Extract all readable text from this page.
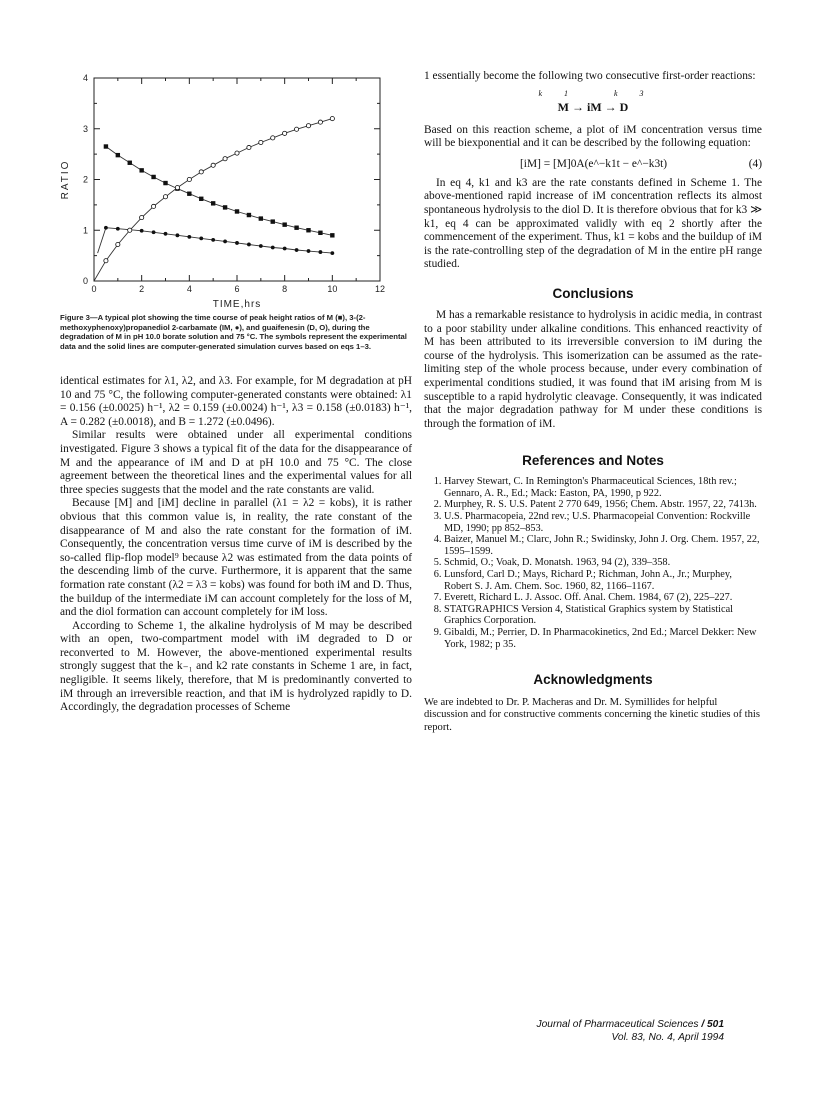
0	2	4	6	8	10	12
0
1
2
3
4
TIME,hrs
RATIO
Figure 3—A typical plot showing the time course of peak height ratios of M (■), 3-(2-methoxyphenoxy)propanediol 2-carbamate (IM, ●), and guaifenesin (D, O), during the degradation of M in pH 10.0 borate solution and 75 °C. The symbols represent the experimental data and the solid lines are computer-generated simulation curves based on eqs 1–3.

identical estimates for λ1, λ2, and λ3. For example, for M degradation at pH 10 and 75 °C, the following computer-generated constants were obtained: λ1 = 0.156 (±0.0025) h⁻¹, λ2 = 0.159 (±0.0024) h⁻¹, λ3 = 0.158 (±0.0183) h⁻¹, A = 0.282 (±0.0018), and B = 1.272 (±0.0496).

Similar results were obtained under all experimental conditions investigated. Figure 3 shows a typical fit of the data for the disappearance of M and the appearance of iM and D at pH 10.0 and 75 °C. The close agreement between the theoretical lines and the experimental values for all three species suggests that the model and the rate constants are valid.

Because [M] and [iM] decline in parallel (λ1 = λ2 = kobs), it is rather obvious that this common value is, in reality, the rate constant of the disappearance of M and also the rate constant for the formation of iM. Consequently, the concentration versus time curve of iM is described by the so-called flip-flop model⁹ because λ2 was estimated from the data points of the descending limb of the curve. Furthermore, it is apparent that the same formation rate constant (λ2 = λ3 = kobs) was found for both iM and D. Thus, the buildup of the intermediate iM can account completely for the loss of M, and the diol formation can account completely for iM loss.

According to Scheme 1, the alkaline hydrolysis of M may be described with an open, two-compartment model with iM degraded to D or reconverted to M. However, the above-mentioned experimental results strongly suggest that the k₋₁ and k2 rate constants in Scheme 1 are, in fact, negligible. It seems likely, therefore, that M is predominantly converted to iM through an irreversible reaction, and that iM is hydrolyzed rapidly to D. Accordingly, the degradation processes of Scheme

1 essentially become the following two consecutive first-order reactions:

k1 k3
M → iM → D

Based on this reaction scheme, a plot of iM concentration versus time will be biexponential and it can be described by the following equation:

[iM] = [M]0A(e^−k1t − e^−k3t)	(4)

In eq 4, k1 and k3 are the rate constants defined in Scheme 1. The above-mentioned rapid increase of iM concentration reflects its almost spontaneous hydrolysis to the diol D. It is therefore obvious that for k3 ≫ k1, eq 4 can be approximated validly with eq 2 shortly after the commencement of the experiment. Thus, k1 = kobs and the buildup of iM is the rate-controlling step of the degradation of M in the entire pH range studied.

Conclusions

M has a remarkable resistance to hydrolysis in acidic media, in contrast to a poor stability under alkaline conditions. This enhanced reactivity of M has been attributed to its irreversible conversion to iM during the course of the hydrolysis. This isomerization can be assumed as the rate-limiting step of the whole process because, under every combination of experimental conditions studied, it was found that iM arising from M is susceptible to a rapid hydrolytic cleavage. Consequently, it was indicated that the major degradation pathway for M under these conditions is through the formation of iM.

References and Notes
1. Harvey Stewart, C. In Remington's Pharmaceutical Sciences, 18th rev.; Gennaro, A. R., Ed.; Mack: Easton, PA, 1990, p 922.
2. Murphey, R. S. U.S. Patent 2 770 649, 1956; Chem. Abstr. 1957, 22, 7413h.
3. U.S. Pharmacopeia, 22nd rev.; U.S. Pharmacopeial Convention: Rockville MD, 1990; pp 852–853.
4. Baizer, Manuel M.; Clarc, John R.; Swidinsky, John J. Org. Chem. 1957, 22, 1595–1599.
5. Schmid, O.; Voak, D. Monatsh. 1963, 94 (2), 339–358.
6. Lunsford, Carl D.; Mays, Richard P.; Richman, John A., Jr.; Murphey, Robert S. J. Am. Chem. Soc. 1960, 82, 1166–1167.
7. Everett, Richard L. J. Assoc. Off. Anal. Chem. 1984, 67 (2), 225–227.
8. STATGRAPHICS Version 4, Statistical Graphics system by Statistical Graphics Corporation.
9. Gibaldi, M.; Perrier, D. In Pharmacokinetics, 2nd Ed.; Marcel Dekker: New York, 1982; p 35.
Acknowledgments

We are indebted to Dr. P. Macheras and Dr. M. Symillides for helpful discussion and for constructive comments concerning the kinetic studies of this report.

Journal of Pharmaceutical Sciences / 501
Vol. 83, No. 4, April 1994
